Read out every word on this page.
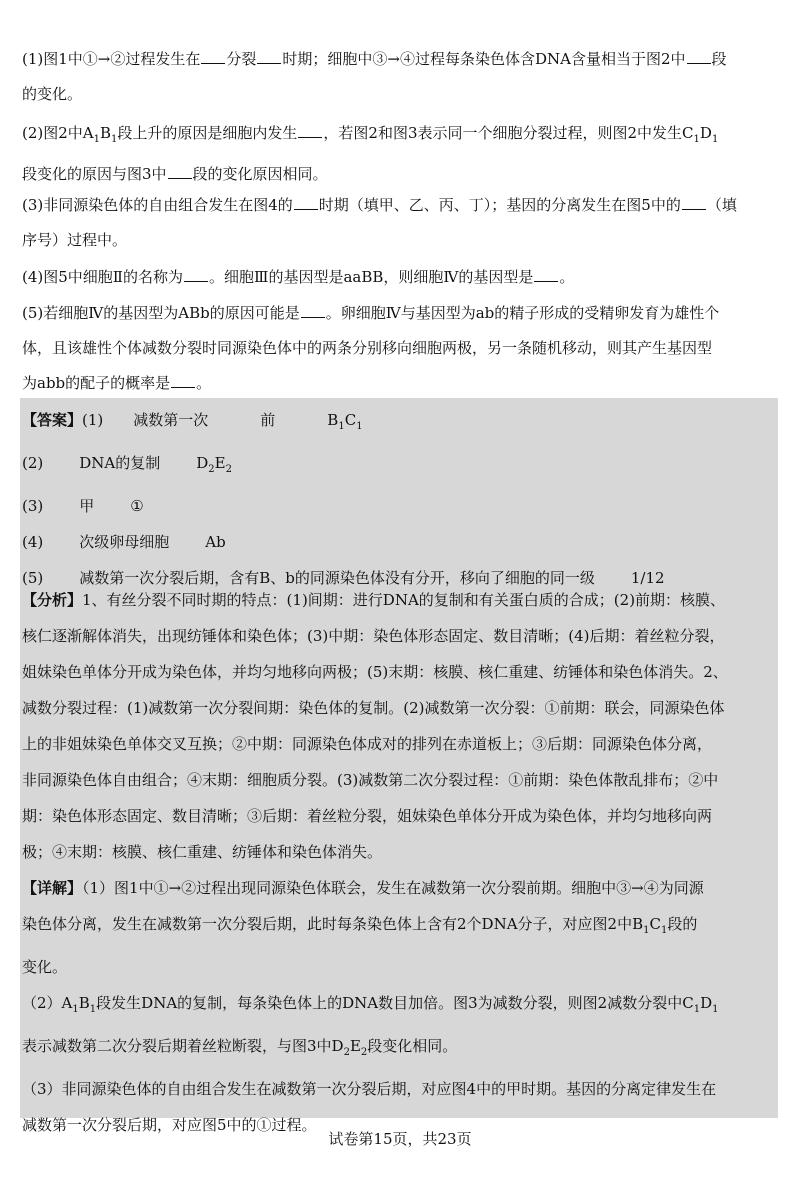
(1)图1中①→②过程发生在 分裂 时期；细胞中③→④过程每条染色体含DNA含量相当于图2中 段

的变化。

(2)图2中$A_1B_1$段上升的原因是细胞内发生 ，若图2和图3表示同一个细胞分裂过程，则图2中发生$C_1D_1$

段变化的原因与图3中 段的变化原因相同。

(3)非同源染色体的自由组合发生在图4的 时期（填甲、乙、丙、丁）；基因的分离发生在图5中的 （填

序号）过程中。

(4)图5中细胞Ⅱ的名称为 。细胞Ⅲ的基因型是aaBB，则细胞Ⅳ的基因型是 。

(5)若细胞Ⅳ的基因型为ABb的原因可能是 。卵细胞Ⅳ与基因型为ab的精子形成的受精卵发育为雄性个

体，且该雄性个体减数分裂时同源染色体中的两条分别移向细胞两极，另一条随机移动，则其产生基因型

为abb的配子的概率是 。

【答案】(1) 减数第一次	前	$B_1C_1$

(2) DNA的复制 $D_2E_2$

(3) 甲 ①

(4) 次级卵母细胞 Ab

(5) 减数第一次分裂后期，含有B、b的同源染色体没有分开，移向了细胞的同一级 1/12

【分析】1、有丝分裂不同时期的特点：(1)间期：进行DNA的复制和有关蛋白质的合成；(2)前期：核膜、

核仁逐渐解体消失，出现纺锤体和染色体；(3)中期：染色体形态固定、数目清晰；(4)后期：着丝粒分裂，

姐妹染色单体分开成为染色体，并均匀地移向两极；(5)末期：核膜、核仁重建、纺锤体和染色体消失。2、

减数分裂过程：(1)减数第一次分裂间期：染色体的复制。(2)减数第一次分裂：①前期：联会，同源染色体

上的非姐妹染色单体交叉互换；②中期：同源染色体成对的排列在赤道板上；③后期：同源染色体分离，

非同源染色体自由组合；④末期：细胞质分裂。(3)减数第二次分裂过程：①前期：染色体散乱排布；②中

期：染色体形态固定、数目清晰；③后期：着丝粒分裂，姐妹染色单体分开成为染色体，并均匀地移向两

极；④末期：核膜、核仁重建、纺锤体和染色体消失。

【详解】（1）图1中①→②过程出现同源染色体联会，发生在减数第一次分裂前期。细胞中③→④为同源

染色体分离，发生在减数第一次分裂后期，此时每条染色体上含有2个DNA分子，对应图2中$B_1C_1$段的

变化。

$(2)A_1B_1$段发生DNA的复制，每条染色体上的DNA数目加倍。图3为减数分裂，则图2减数分裂中$C_1D_1$

表示减数第二次分裂后期着丝粒断裂，与图3中$D_2E_2$段变化相同。

（3）非同源染色体的自由组合发生在减数第一次分裂后期，对应图4中的甲时期。基因的分离定律发生在

减数第一次分裂后期，对应图5中的①过程。

试卷第15页，共23页
